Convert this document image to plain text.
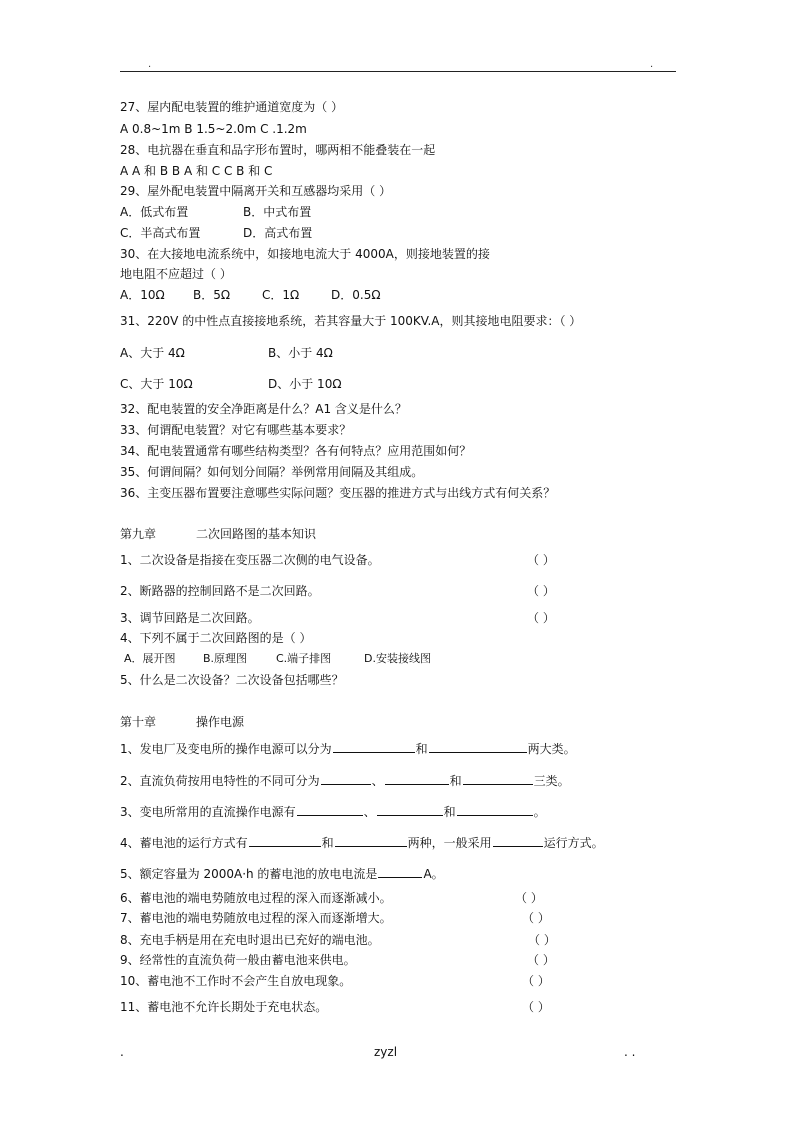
.	.
27、屋内配电装置的维护通道宽度为（ ）
A 0.8~1m B 1.5~2.0m C .1.2m
28、电抗器在垂直和品字形布置时，哪两相不能叠装在一起
A A 和 B B A 和 C C B 和 C
29、屋外配电装置中隔离开关和互感器均采用（ ）
A．低式布置	B．中式布置
C．半高式布置	D．高式布置
30、在大接地电流系统中，如接地电流大于 4000A，则接地装置的接
地电阻不应超过（ ）
A．10Ω B．5Ω	C．1Ω	D．0.5Ω
31、220V 的中性点直接接地系统，若其容量大于 100KV.A，则其接地电阻要求：（ ）
A、大于 4Ω	B、小于 4Ω
C、大于 10Ω	D、小于 10Ω
32、配电装置的安全净距离是什么？A1 含义是什么？
33、何谓配电装置？对它有哪些基本要求？
34、配电装置通常有哪些结构类型？各有何特点？应用范围如何？
35、何谓间隔？如何划分间隔？举例常用间隔及其组成。
36、主变压器布置要注意哪些实际问题？变压器的推进方式与出线方式有何关系？
第九章	二次回路图的基本知识
1、二次设备是指接在变压器二次侧的电气设备。	（ ）
2、断路器的控制回路不是二次回路。	（ ）
3、调节回路是二次回路。	（ ）
4、下列不属于二次回路图的是（ ）
A．展开图 B.原理图	C.端子排图	D.安装接线图
5、什么是二次设备？二次设备包括哪些？
第十章	操作电源
1、发电厂及变电所的操作电源可以分为	和	两大类。
2、直流负荷按用电特性的不同可分为	、	和	三类。
3、变电所常用的直流操作电源有	、	和	。
4、蓄电池的运行方式有	和	两种，一般采用	运行方式。
5、额定容量为 2000A·h 的蓄电池的放电电流是	A。
6、蓄电池的端电势随放电过程的深入而逐渐减小。	（ ）
7、蓄电池的端电势随放电过程的深入而逐渐增大。	（ ）
8、充电手柄是用在充电时退出已充好的端电池。	（ ）
9、经常性的直流负荷一般由蓄电池来供电。	（ ）
10、蓄电池不工作时不会产生自放电现象。	（ ）
11、蓄电池不允许长期处于充电状态。	（ ）
.	zyzl	. .
